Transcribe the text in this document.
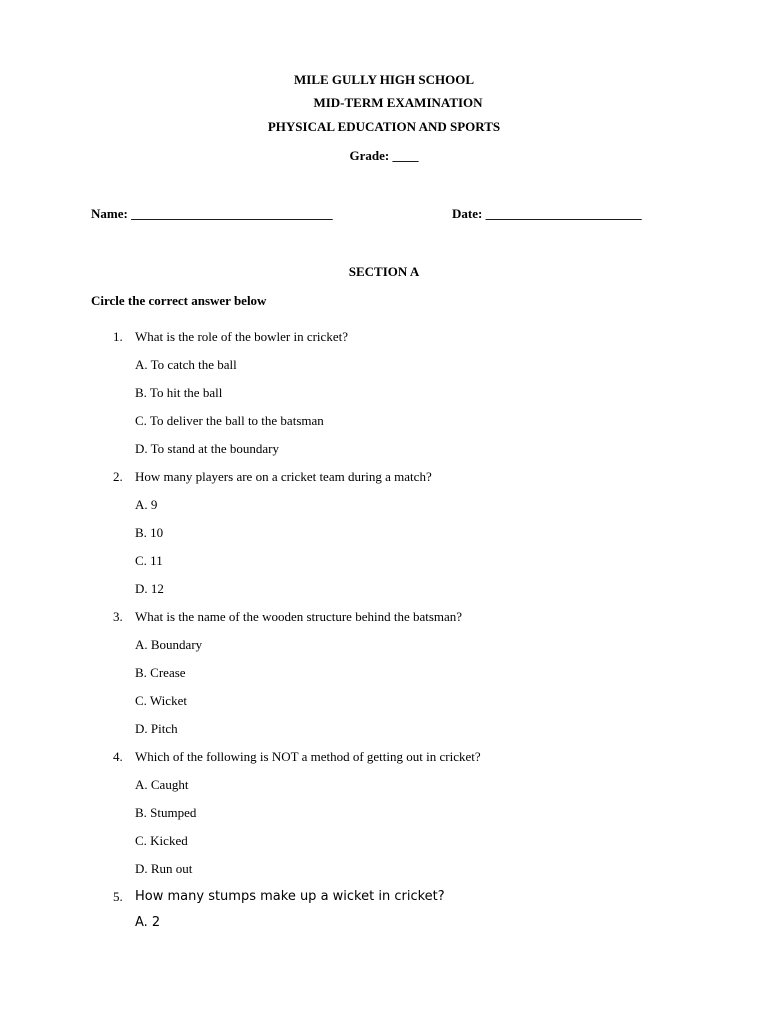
MILE GULLY HIGH SCHOOL
MID-TERM EXAMINATION
PHYSICAL EDUCATION AND SPORTS
Grade: ____
Name: _______________________________	Date: ________________________
SECTION A
Circle the correct answer below
1. What is the role of the bowler in cricket?
A. To catch the ball
B. To hit the ball
C. To deliver the ball to the batsman
D. To stand at the boundary
2. How many players are on a cricket team during a match?
A. 9
B. 10
C. 11
D. 12
3. What is the name of the wooden structure behind the batsman?
A. Boundary
B. Crease
C. Wicket
D. Pitch
4. Which of the following is NOT a method of getting out in cricket?
A. Caught
B. Stumped
C. Kicked
D. Run out
5. How many stumps make up a wicket in cricket?
A. 2
